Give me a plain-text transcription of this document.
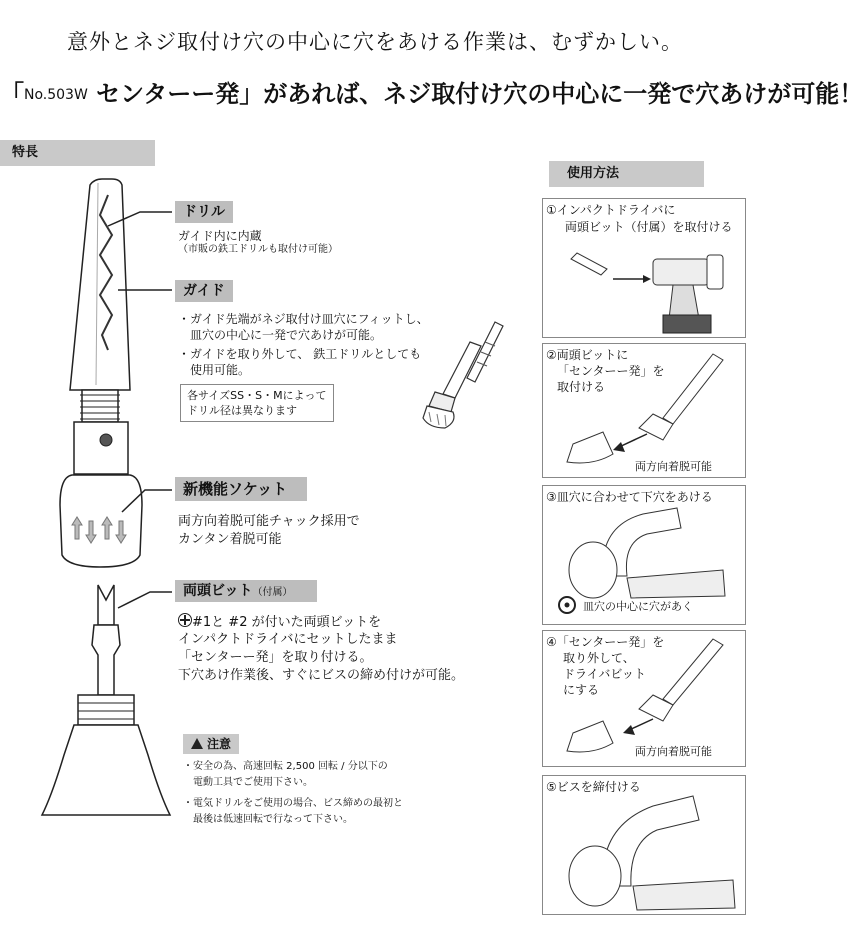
意外とネジ取付け穴の中心に穴をあける作業は、むずかしい。
「No.503W センターー発」があれば、ネジ取付け穴の中心に一発で穴あけが可能！
特長
使用方法
ドリル
ガイド内に内蔵
（市販の鉄工ドリルも取付け可能）
ガイド
・ガイド先端がネジ取付け皿穴にフィットし、
　皿穴の中心に一発で穴あけが可能。
・ガイドを取り外して、 鉄工ドリルとしても
　使用可能。
各サイズSS・S・Mによって
ドリル径は異なります
新機能ソケット
両方向着脱可能チャック採用で
カンタン着脱可能
両頭ビット（付属）
#1と #2 が付いた両頭ビットを
インパクトドライバにセットしたまま
「センターー発」を取り付ける。
下穴あけ作業後、すぐにビスの締め付けが可能。
注意
・安全の為、高速回転 2,500 回転 / 分以下の
　電動工具でご使用下さい。
・電気ドリルをご使用の場合、ビス締めの最初と
　最後は低速回転で行なって下さい。
①インパクトドライバに
両頭ビット（付属）を取付ける
②両頭ビットに
「センターー発」を
取付ける
両方向着脱可能
③皿穴に合わせて下穴をあける
皿穴の中心に穴があく
④「センターー発」を
取り外して、
ドライバビット
にする
両方向着脱可能
⑤ビスを締付ける
